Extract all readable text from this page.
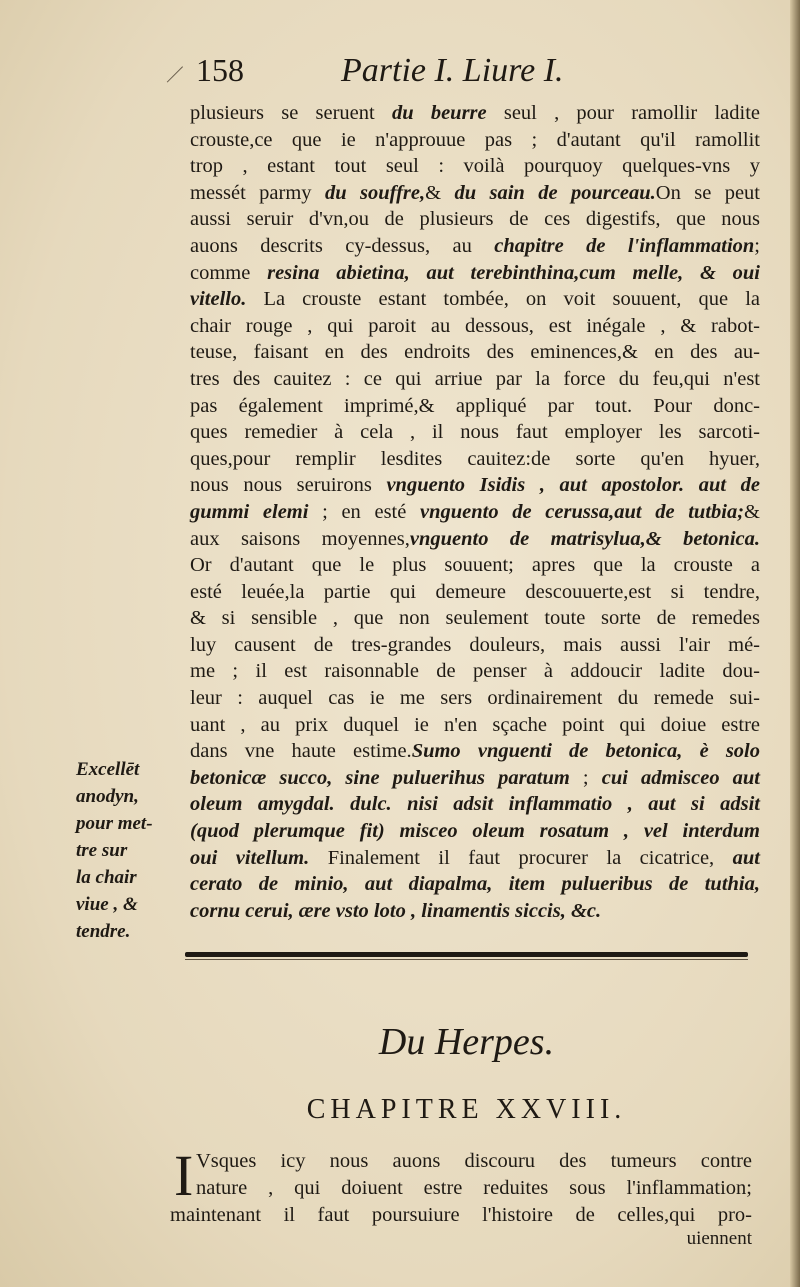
158	Partie I. Liure I.
plusieurs se seruent du beurre seul , pour ramollir ladite
crouste,ce que ie n'approuue pas ; d'autant qu'il ramollit
trop , estant tout seul : voilà pourquoy quelques-vns y
messét parmy du souffre,& du sain de pourceau.On se peut
aussi seruir d'vn,ou de plusieurs de ces digestifs, que nous
auons descrits cy-dessus, au chapitre de l'inflammation;
comme resina abietina, aut terebinthina,cum melle, & oui
vitello. La crouste estant tombée, on voit souuent, que la
chair rouge , qui paroit au dessous, est inégale , & rabot-
teuse, faisant en des endroits des eminences,& en des au-
tres des cauitez : ce qui arriue par la force du feu,qui n'est
pas également imprimé,& appliqué par tout. Pour donc-
ques remedier à cela , il nous faut employer les sarcoti-
ques,pour remplir lesdites cauitez:de sorte qu'en hyuer,
nous nous seruirons vnguento Isidis , aut apostolor. aut de
gummi elemi ; en esté vnguento de cerussa,aut de tutbia;&
aux saisons moyennes,vnguento de matrisylua,& betonica.
Or d'autant que le plus souuent; apres que la crouste a
esté leuée,la partie qui demeure descouuerte,est si tendre,
& si sensible , que non seulement toute sorte de remedes
luy causent de tres-grandes douleurs, mais aussi l'air mé-
me ; il est raisonnable de penser à addoucir ladite dou-
leur : auquel cas ie me sers ordinairement du remede sui-
uant , au prix duquel ie n'en sçache point qui doiue estre
dans vne haute estime.Sumo vnguenti de betonica, è solo
betonicæ succo, sine puluerihus paratum ; cui admisceo aut
oleum amygdal. dulc. nisi adsit inflammatio , aut si adsit
(quod plerumque fit) misceo oleum rosatum , vel interdum
oui vitellum. Finalement il faut procurer la cicatrice, aut
cerato de minio, aut diapalma, item pulueribus de tuthia,
cornu cerui, ære vsto loto , linamentis siccis, &c.
Excellēt
anodyn,
pour met-
tre sur
la chair
viue , &
tendre.
Du Herpes.
CHAPITRE XXVIII.
I Vsques icy nous auons discouru des tumeurs contre
nature , qui doiuent estre reduites sous l'inflammation;
maintenant il faut poursuiure l'histoire de celles,qui pro-
uiennent
